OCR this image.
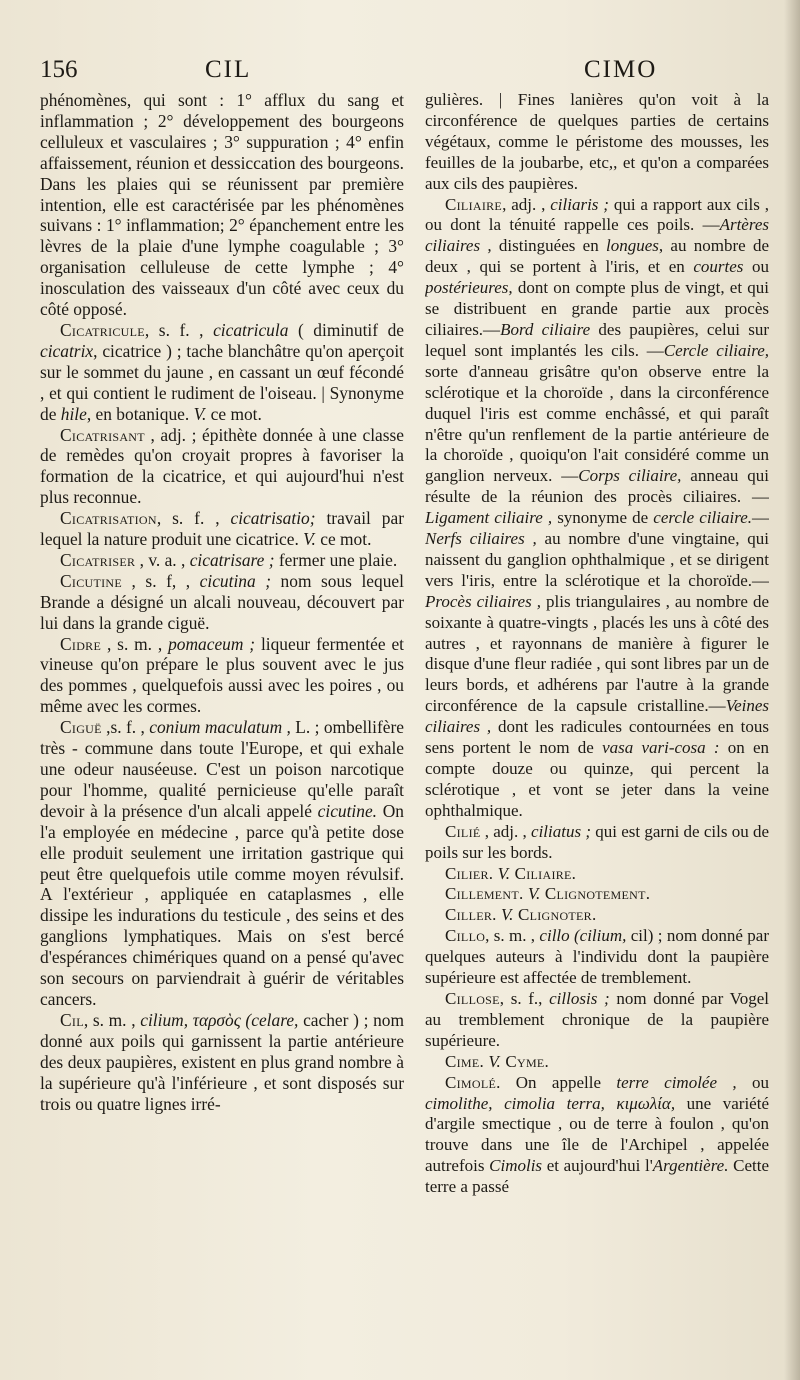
156	CIL	CIMO

phénomènes, qui sont : 1° afflux du sang et inflammation ; 2° développement des bourgeons celluleux et vasculaires ; 3° suppuration ; 4° enfin affaissement, réunion et dessiccation des bourgeons. Dans les plaies qui se réunissent par première intention, elle est caractérisée par les phénomènes suivans : 1° inflammation; 2° épanchement entre les lèvres de la plaie d'une lymphe coagulable ; 3° organisation celluleuse de cette lymphe ; 4° inosculation des vaisseaux d'un côté avec ceux du côté opposé.

Cicatricule, s. f. , cicatricula ( diminutif de cicatrix, cicatrice ) ; tache blanchâtre qu'on aperçoit sur le sommet du jaune , en cassant un œuf fécondé , et qui contient le rudiment de l'oiseau. | Synonyme de hile, en botanique. V. ce mot.

Cicatrisant , adj. ; épithète donnée à une classe de remèdes qu'on croyait propres à favoriser la formation de la cicatrice, et qui aujourd'hui n'est plus reconnue.

Cicatrisation, s. f. , cicatrisatio; travail par lequel la nature produit une cicatrice. V. ce mot.

Cicatriser , v. a. , cicatrisare ; fermer une plaie.

Cicutine , s. f, , cicutina ; nom sous lequel Brande a désigné un alcali nouveau, découvert par lui dans la grande ciguë.

Cidre , s. m. , pomaceum ; liqueur fermentée et vineuse qu'on prépare le plus souvent avec le jus des pommes , quelquefois aussi avec les poires , ou même avec les cormes.

Ciguë ,s. f. , conium maculatum , L. ; ombellifère très - commune dans toute l'Europe, et qui exhale une odeur nauséeuse. C'est un poison narcotique pour l'homme, qualité pernicieuse qu'elle paraît devoir à la présence d'un alcali appelé cicutine. On l'a employée en médecine , parce qu'à petite dose elle produit seulement une irritation gastrique qui peut être quelquefois utile comme moyen révulsif. A l'extérieur , appliquée en cataplasmes , elle dissipe les indurations du testicule , des seins et des ganglions lymphatiques. Mais on s'est bercé d'espérances chimériques quand on a pensé qu'avec son secours on parviendrait à guérir de véritables cancers.

Cil, s. m. , cilium, ταρσὸς (celare, cacher ) ; nom donné aux poils qui garnissent la partie antérieure des deux paupières, existent en plus grand nombre à la supérieure qu'à l'inférieure , et sont disposés sur trois ou quatre lignes irré-

gulières. | Fines lanières qu'on voit à la circonférence de quelques parties de certains végétaux, comme le péristome des mousses, les feuilles de la joubarbe, etc,, et qu'on a comparées aux cils des paupières.

Ciliaire, adj. , ciliaris ; qui a rapport aux cils , ou dont la ténuité rappelle ces poils. —Artères ciliaires , distinguées en longues, au nombre de deux , qui se portent à l'iris, et en courtes ou postérieures, dont on compte plus de vingt, et qui se distribuent en grande partie aux procès ciliaires.—Bord ciliaire des paupières, celui sur lequel sont implantés les cils. —Cercle ciliaire, sorte d'anneau grisâtre qu'on observe entre la sclérotique et la choroïde , dans la circonférence duquel l'iris est comme enchâssé, et qui paraît n'être qu'un renflement de la partie antérieure de la choroïde , quoiqu'on l'ait considéré comme un ganglion nerveux. —Corps ciliaire, anneau qui résulte de la réunion des procès ciliaires. — Ligament ciliaire , synonyme de cercle ciliaire.— Nerfs ciliaires , au nombre d'une vingtaine, qui naissent du ganglion ophthalmique , et se dirigent vers l'iris, entre la sclérotique et la choroïde.—Procès ciliaires , plis triangulaires , au nombre de soixante à quatre-vingts , placés les uns à côté des autres , et rayonnans de manière à figurer le disque d'une fleur radiée , qui sont libres par un de leurs bords, et adhérens par l'autre à la grande circonférence de la capsule cristalline.—Veines ciliaires , dont les radicules contournées en tous sens portent le nom de vasa vari-cosa : on en compte douze ou quinze, qui percent la sclérotique , et vont se jeter dans la veine ophthalmique.

Cilié , adj. , ciliatus ; qui est garni de cils ou de poils sur les bords.

Cilier. V. Ciliaire.

Cillement. V. Clignotement.

Ciller. V. Clignoter.

Cillo, s. m. , cillo (cilium, cil) ; nom donné par quelques auteurs à l'individu dont la paupière supérieure est affectée de tremblement.

Cillose, s. f., cillosis ; nom donné par Vogel au tremblement chronique de la paupière supérieure.

Cime. V. Cyme.

Cimolé. On appelle terre cimolée , ou cimolithe, cimolia terra, κιμωλία, une variété d'argile smectique , ou de terre à foulon , qu'on trouve dans une île de l'Archipel , appelée autrefois Cimolis et aujourd'hui l'Argentière. Cette terre a passé
